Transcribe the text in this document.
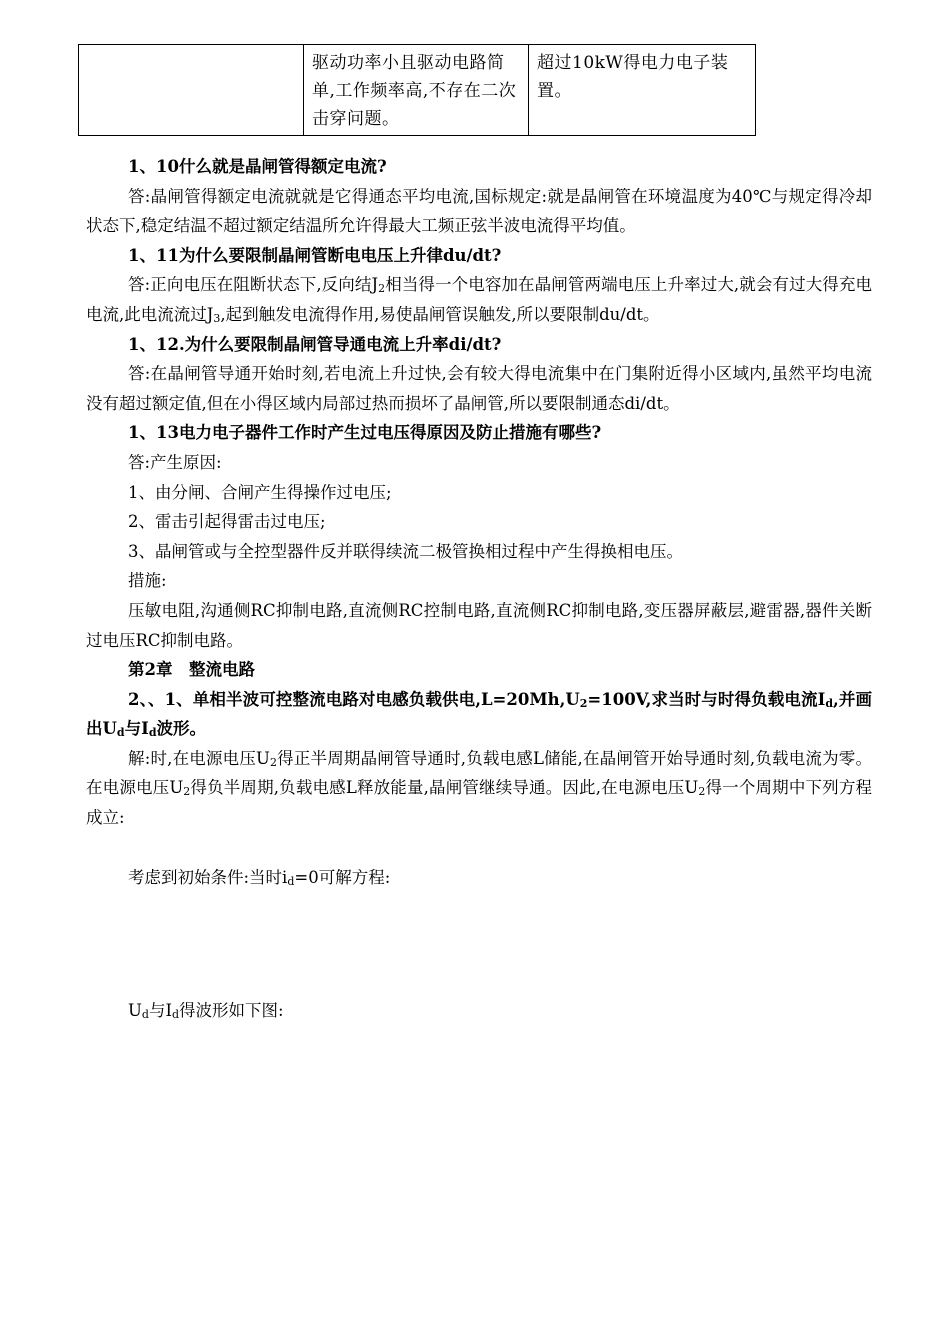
	驱动功率小且驱动电路简单,工作频率高,不存在二次击穿问题。	超过10kW得电力电子装置。

1、10什么就是晶闸管得额定电流?

答:晶闸管得额定电流就就是它得通态平均电流,国标规定:就是晶闸管在环境温度为40℃与规定得冷却状态下,稳定结温不超过额定结温所允许得最大工频正弦半波电流得平均值。

1、11为什么要限制晶闸管断电电压上升律du/dt?

答:正向电压在阻断状态下,反向结$J_2$相当得一个电容加在晶闸管两端电压上升率过大,就会有过大得充电电流,此电流流过$J_3$,起到触发电流得作用,易使晶闸管误触发,所以要限制du/dt。

1、12.为什么要限制晶闸管导通电流上升率di/dt?

答:在晶闸管导通开始时刻,若电流上升过快,会有较大得电流集中在门集附近得小区域内,虽然平均电流没有超过额定值,但在小得区域内局部过热而损坏了晶闸管,所以要限制通态di/dt。

1、13电力电子器件工作时产生过电压得原因及防止措施有哪些?

答:产生原因:

1、由分闸、合闸产生得操作过电压;

2、雷击引起得雷击过电压;

3、晶闸管或与全控型器件反并联得续流二极管换相过程中产生得换相电压。

措施:

压敏电阻,沟通侧RC抑制电路,直流侧RC控制电路,直流侧RC抑制电路,变压器屏蔽层,避雷器,器件关断过电压RC抑制电路。

第2章　整流电路

2、、1、单相半波可控整流电路对电感负载供电$,L=20Mh,U_2=100V$,求当时与时得负载电流$I_d$,并画出$U_d$与$I_d$波形。

解:时,在电源电压$U_2$得正半周期晶闸管导通时,负载电感L储能,在晶闸管开始导通时刻,负载电流为零。在电源电压$U_2$得负半周期,负载电感L释放能量,晶闸管继续导通。因此,在电源电压$U_2$得一个周期中下列方程成立:

考虑到初始条件:当时$i_d=0$可解方程:

$U_d$与$I_d$得波形如下图:
